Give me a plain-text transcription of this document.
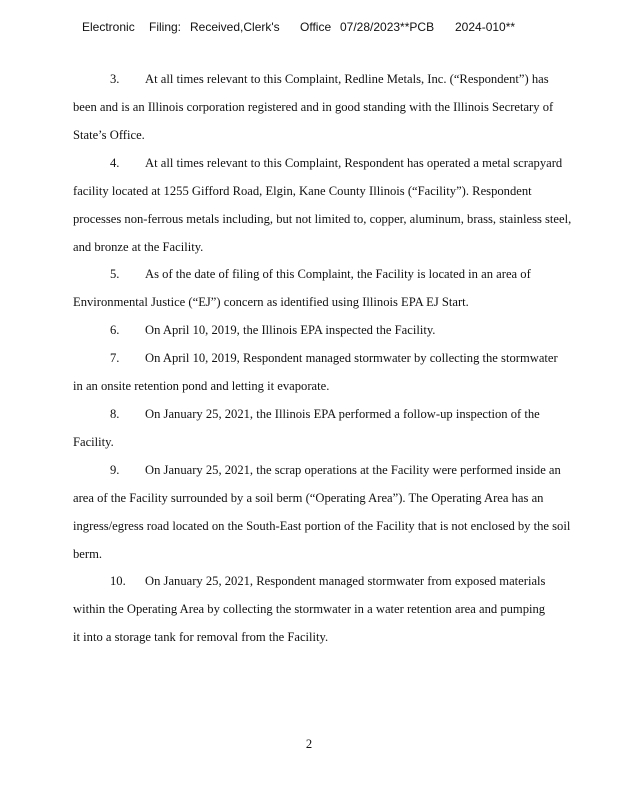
Electronic Filing: Received,Clerk's Office 07/28/2023**PCB 2024-010**
3.	At all times relevant to this Complaint, Redline Metals, Inc. (“Respondent”) has
been and is an Illinois corporation registered and in good standing with the Illinois Secretary of
State’s Office.
4.	At all times relevant to this Complaint, Respondent has operated a metal scrapyard
facility located at 1255 Gifford Road, Elgin, Kane County Illinois (“Facility”). Respondent
processes non-ferrous metals including, but not limited to, copper, aluminum, brass, stainless steel,
and bronze at the Facility.
5.	As of the date of filing of this Complaint, the Facility is located in an area of
Environmental Justice (“EJ”) concern as identified using Illinois EPA EJ Start.
6.	On April 10, 2019, the Illinois EPA inspected the Facility.
7.	On April 10, 2019, Respondent managed stormwater by collecting the stormwater
in an onsite retention pond and letting it evaporate.
8.	On January 25, 2021, the Illinois EPA performed a follow-up inspection of the
Facility.
9.	On January 25, 2021, the scrap operations at the Facility were performed inside an
area of the Facility surrounded by a soil berm (“Operating Area”). The Operating Area has an
ingress/egress road located on the South-East portion of the Facility that is not enclosed by the soil
berm.
10.	On January 25, 2021, Respondent managed stormwater from exposed materials
within the Operating Area by collecting the stormwater in a water retention area and pumping
it into a storage tank for removal from the Facility.
2
